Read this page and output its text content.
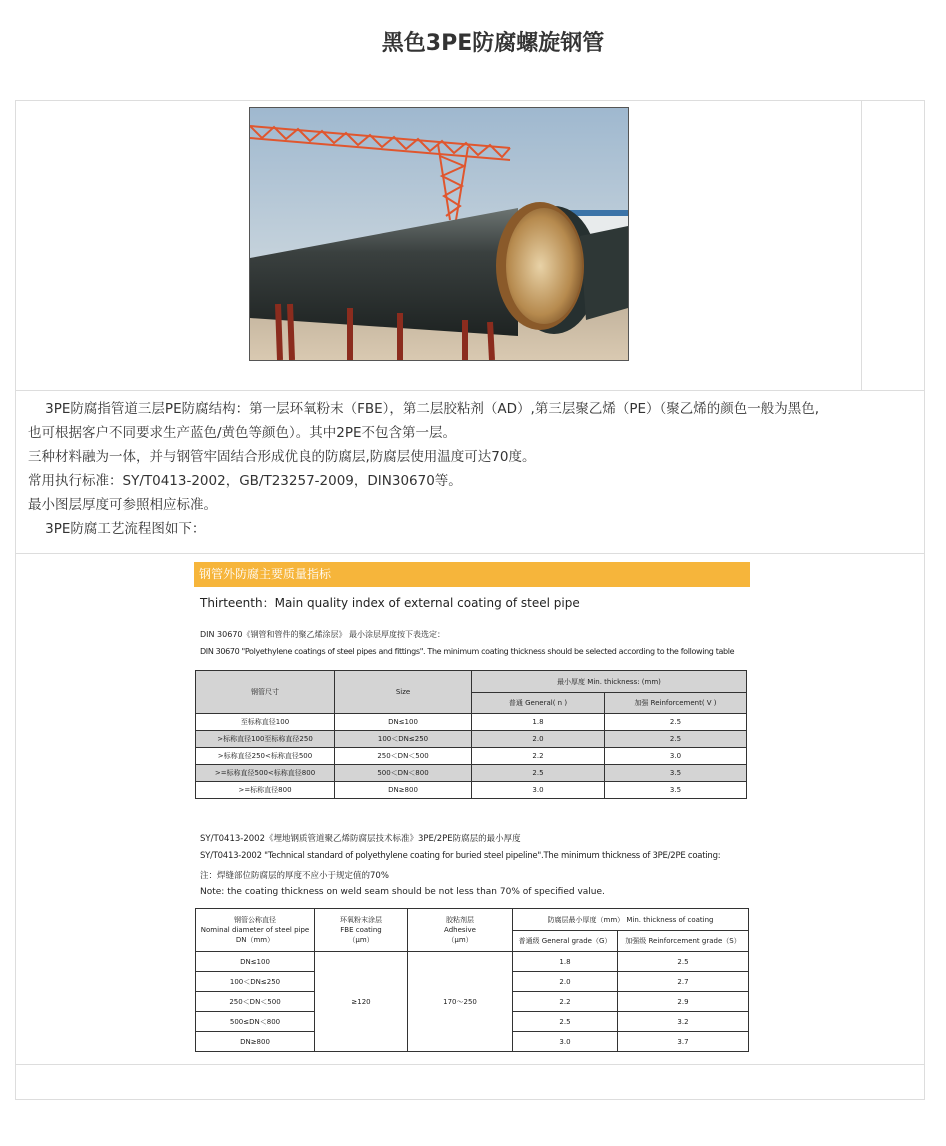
黑色3PE防腐螺旋钢管

3PE防腐指管道三层PE防腐结构：第一层环氧粉末（FBE），第二层胶粘剂（AD）,第三层聚乙烯（PE）（聚乙烯的颜色一般为黑色,

也可根据客户不同要求生产蓝色/黄色等颜色）。其中2PE不包含第一层。

三种材料融为一体，并与钢管牢固结合形成优良的防腐层,防腐层使用温度可达70度。

常用执行标准：SY/T0413-2002，GB/T23257-2009，DIN30670等。

最小图层厚度可参照相应标准。

3PE防腐工艺流程图如下：

钢管外防腐主要质量指标
Thirteenth：Main quality index of external coating of steel pipe
DIN 30670《钢管和管件的聚乙烯涂层》 最小涂层厚度按下表选定：
DIN 30670 "Polyethylene coatings of steel pipes and fittings". The minimum coating thickness should be selected according to the following table
钢管尺寸	Size	最小厚度 Min. thickness: (mm)	
		普通 General( n )	加强 Reinforcement( V )
至标称直径100	DN≤100	1.8	2.5
>标称直径100至标称直径250	100＜DN≤250	2.0	2.5
>标称直径250<标称直径500	250＜DN＜500	2.2	3.0
>=标称直径500<标称直径800	500＜DN＜800	2.5	3.5
>=标称直径800	DN≥800	3.0	3.5
SY/T0413-2002《埋地钢质管道聚乙烯防腐层技术标准》3PE/2PE防腐层的最小厚度
SY/T0413-2002 "Technical standard of polyethylene coating for buried steel pipeline".The minimum thickness of 3PE/2PE coating:
注：焊缝部位防腐层的厚度不应小于规定值的70%
Note: the coating thickness on weld seam should be not less than 70% of specified value.
钢管公称直径
Nominal diameter of steel pipe
DN（mm）	环氧粉末涂层
FBE coating
（μm）	胶粘剂层
Adhesive
（μm）	防腐层最小厚度（mm） Min. thickness of coating	
			普通级 General grade（G）	加强级 Reinforcement grade（S）
DN≤100	≥120	170～250	1.8	2.5
100＜DN≤250			2.0	2.7
250＜DN＜500			2.2	2.9
500≤DN＜800			2.5	3.2
DN≥800			3.0	3.7
